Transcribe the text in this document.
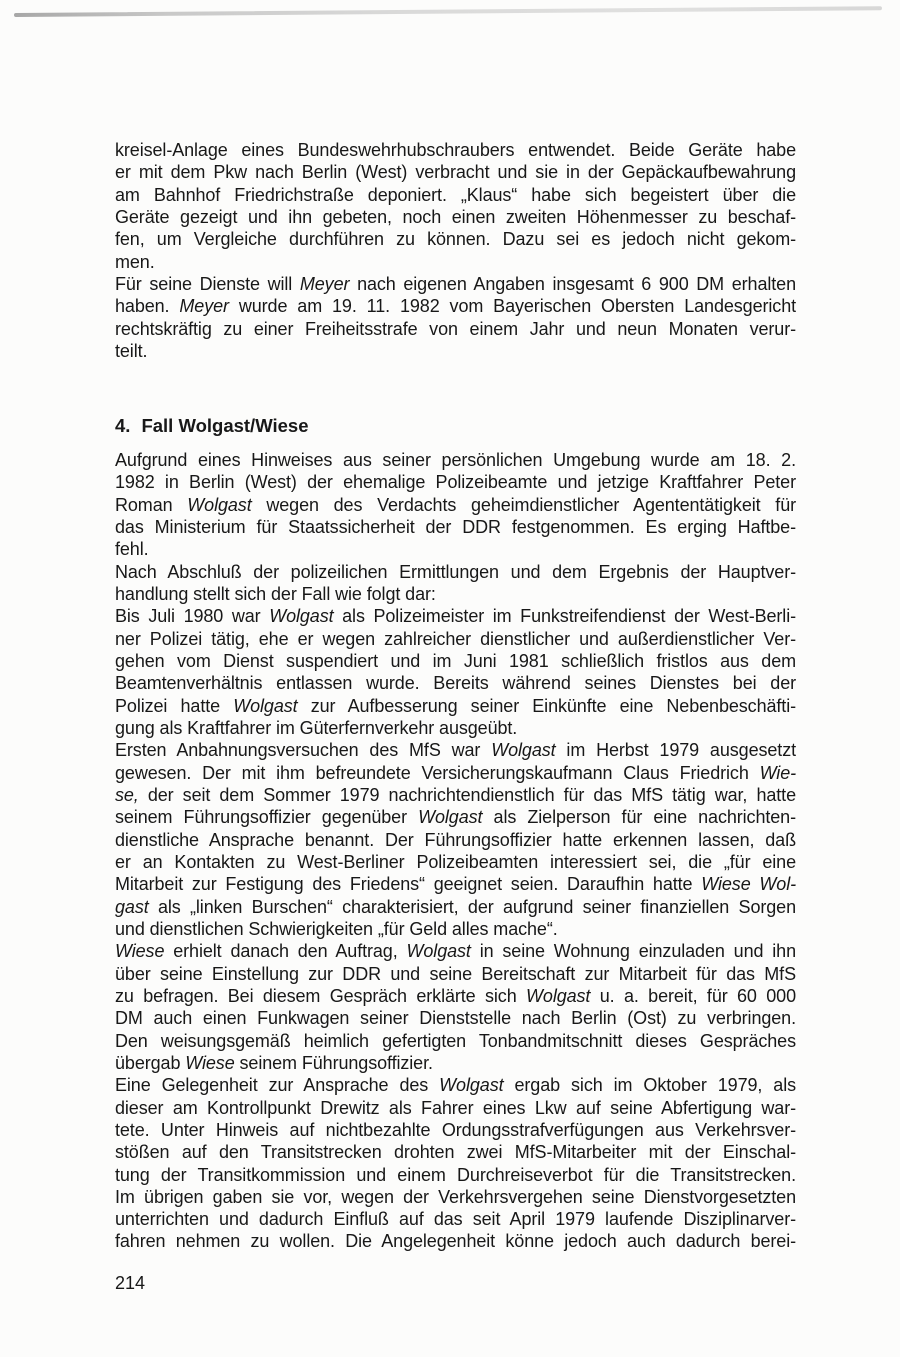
kreisel-Anlage eines Bundeswehrhubschraubers entwendet. Beide Geräte habe
er mit dem Pkw nach Berlin (West) verbracht und sie in der Gepäckaufbewahrung
am Bahnhof Friedrichstraße deponiert. „Klaus“ habe sich begeistert über die
Geräte gezeigt und ihn gebeten, noch einen zweiten Höhenmesser zu beschaf-
fen, um Vergleiche durchführen zu können. Dazu sei es jedoch nicht gekom-
men.
Für seine Dienste will Meyer nach eigenen Angaben insgesamt 6 900 DM erhalten
haben. Meyer wurde am 19. 11. 1982 vom Bayerischen Obersten Landesgericht
rechtskräftig zu einer Freiheitsstrafe von einem Jahr und neun Monaten verur-
teilt.
4. Fall Wolgast/Wiese
Aufgrund eines Hinweises aus seiner persönlichen Umgebung wurde am 18. 2.
1982 in Berlin (West) der ehemalige Polizeibeamte und jetzige Kraftfahrer Peter
Roman Wolgast wegen des Verdachts geheimdienstlicher Agententätigkeit für
das Ministerium für Staatssicherheit der DDR festgenommen. Es erging Haftbe-
fehl.
Nach Abschluß der polizeilichen Ermittlungen und dem Ergebnis der Hauptver-
handlung stellt sich der Fall wie folgt dar:
Bis Juli 1980 war Wolgast als Polizeimeister im Funkstreifendienst der West-Berli-
ner Polizei tätig, ehe er wegen zahlreicher dienstlicher und außerdienstlicher Ver-
gehen vom Dienst suspendiert und im Juni 1981 schließlich fristlos aus dem
Beamtenverhältnis entlassen wurde. Bereits während seines Dienstes bei der
Polizei hatte Wolgast zur Aufbesserung seiner Einkünfte eine Nebenbeschäfti-
gung als Kraftfahrer im Güterfernverkehr ausgeübt.
Ersten Anbahnungsversuchen des MfS war Wolgast im Herbst 1979 ausgesetzt
gewesen. Der mit ihm befreundete Versicherungskaufmann Claus Friedrich Wie-
se, der seit dem Sommer 1979 nachrichtendienstlich für das MfS tätig war, hatte
seinem Führungsoffizier gegenüber Wolgast als Zielperson für eine nachrichten-
dienstliche Ansprache benannt. Der Führungsoffizier hatte erkennen lassen, daß
er an Kontakten zu West-Berliner Polizeibeamten interessiert sei, die „für eine
Mitarbeit zur Festigung des Friedens“ geeignet seien. Daraufhin hatte Wiese Wol-
gast als „linken Burschen“ charakterisiert, der aufgrund seiner finanziellen Sorgen
und dienstlichen Schwierigkeiten „für Geld alles mache“.
Wiese erhielt danach den Auftrag, Wolgast in seine Wohnung einzuladen und ihn
über seine Einstellung zur DDR und seine Bereitschaft zur Mitarbeit für das MfS
zu befragen. Bei diesem Gespräch erklärte sich Wolgast u. a. bereit, für 60 000
DM auch einen Funkwagen seiner Dienststelle nach Berlin (Ost) zu verbringen.
Den weisungsgemäß heimlich gefertigten Tonbandmitschnitt dieses Gespräches
übergab Wiese seinem Führungsoffizier.
Eine Gelegenheit zur Ansprache des Wolgast ergab sich im Oktober 1979, als
dieser am Kontrollpunkt Drewitz als Fahrer eines Lkw auf seine Abfertigung war-
tete. Unter Hinweis auf nichtbezahlte Ordungsstrafverfügungen aus Verkehrsver-
stößen auf den Transitstrecken drohten zwei MfS-Mitarbeiter mit der Einschal-
tung der Transitkommission und einem Durchreiseverbot für die Transitstrecken.
Im übrigen gaben sie vor, wegen der Verkehrsvergehen seine Dienstvorgesetzten
unterrichten und dadurch Einfluß auf das seit April 1979 laufende Disziplinarver-
fahren nehmen zu wollen. Die Angelegenheit könne jedoch auch dadurch berei-
214
